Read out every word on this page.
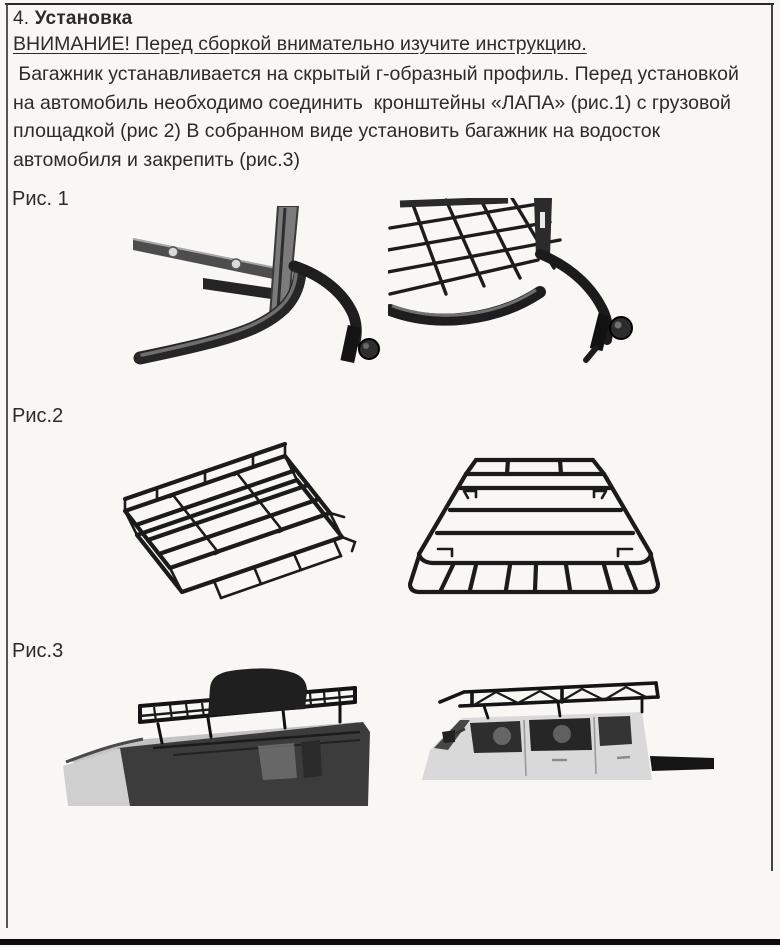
4. Установка
ВНИМАНИЕ! Перед сборкой внимательно изучите инструкцию.
Багажник устанавливается на скрытый г-образный профиль. Перед установкой
на автомобиль необходимо соединить  кронштейны «ЛАПА» (рис.1) с грузовой
площадкой (рис 2) В собранном виде установить багажник на водосток
автомобиля и закрепить (рис.3)
Рис. 1
Рис.2
Рис.3
